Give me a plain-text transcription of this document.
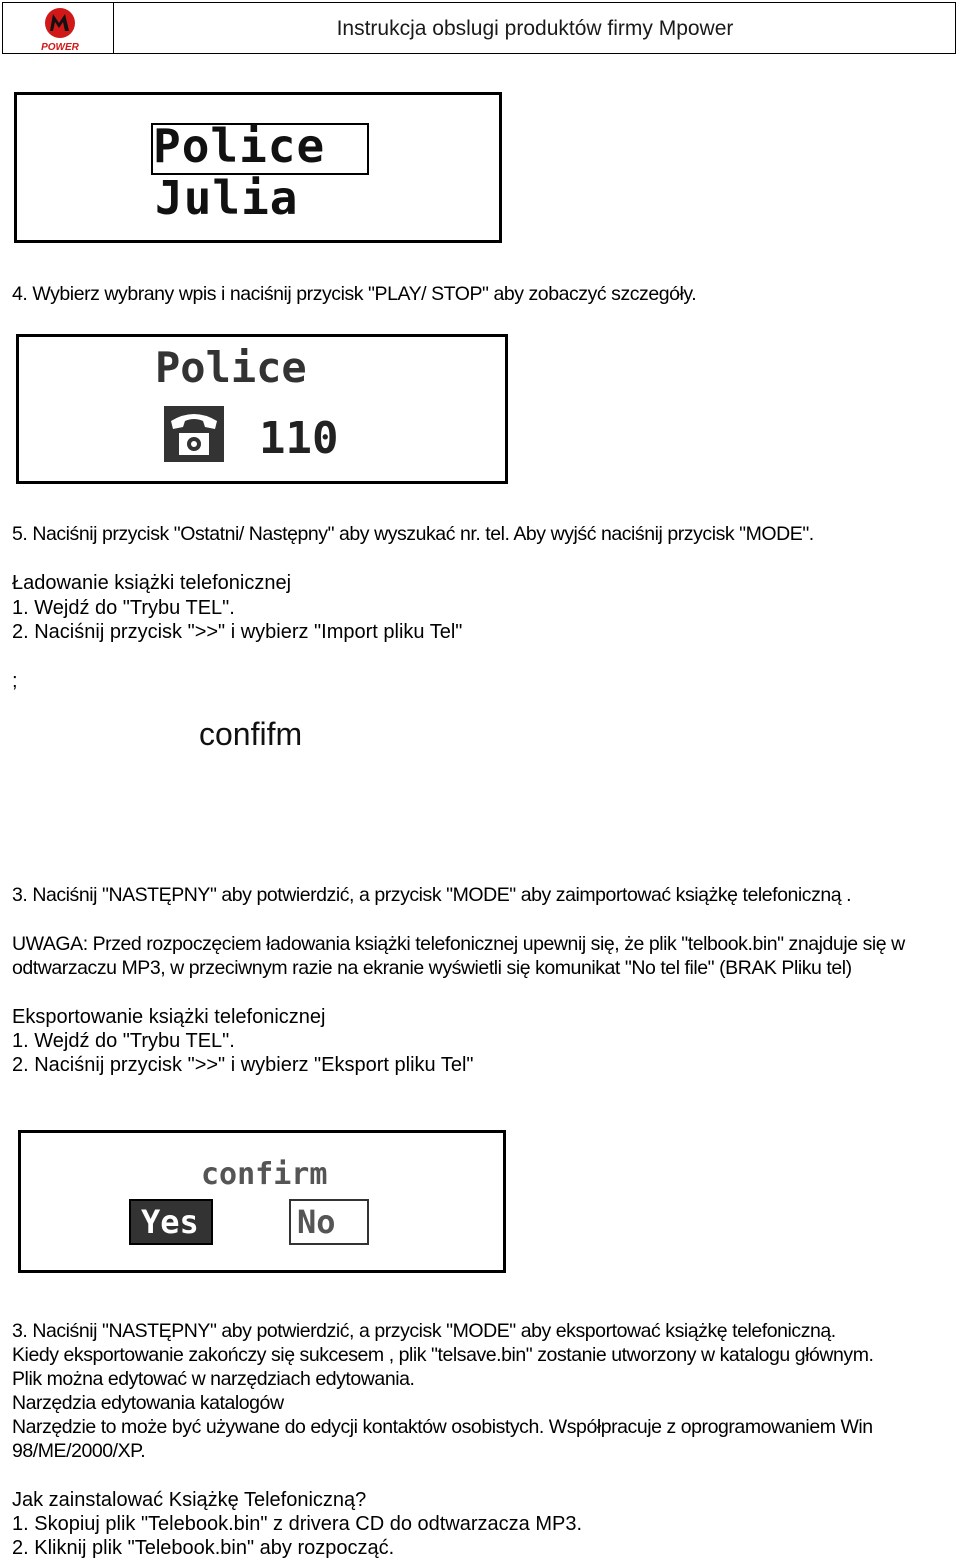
POWER
Instrukcja obslugi produktów firmy Mpower
Police
Julia
4. Wybierz wybrany wpis i naciśnij przycisk "PLAY/ STOP" aby zobaczyć szczegóły.
Police
110
5. Naciśnij przycisk "Ostatni/ Następny" aby wyszukać nr. tel. Aby wyjść naciśnij przycisk "MODE".
Ładowanie książki telefonicznej
1. Wejdź do "Trybu TEL".
2. Naciśnij przycisk ">>" i wybierz "Import pliku Tel"
;
confifm
3. Naciśnij "NASTĘPNY" aby potwierdzić, a przycisk "MODE" aby zaimportować książkę telefoniczną .
UWAGA: Przed rozpoczęciem ładowania książki telefonicznej upewnij się, że plik "telbook.bin" znajduje się w
odtwarzaczu MP3, w przeciwnym razie na ekranie wyświetli się komunikat "No tel file" (BRAK Pliku tel)
Eksportowanie książki telefonicznej
1. Wejdź do "Trybu TEL".
2. Naciśnij przycisk ">>" i wybierz "Eksport pliku Tel"
confirm
Yes	No
3. Naciśnij "NASTĘPNY" aby potwierdzić, a przycisk "MODE" aby eksportować książkę telefoniczną.
Kiedy eksportowanie zakończy się sukcesem , plik "telsave.bin" zostanie utworzony w katalogu głównym.
Plik można edytować w narzędziach edytowania.
Narzędzia edytowania katalogów
Narzędzie to może być używane do edycji kontaktów osobistych. Współpracuje z oprogramowaniem Win
98/ME/2000/XP.
Jak zainstalować Książkę Telefoniczną?
1. Skopiuj plik "Telebook.bin" z drivera CD do odtwarzacza MP3.
2. Kliknij plik "Telebook.bin" aby rozpocząć.
